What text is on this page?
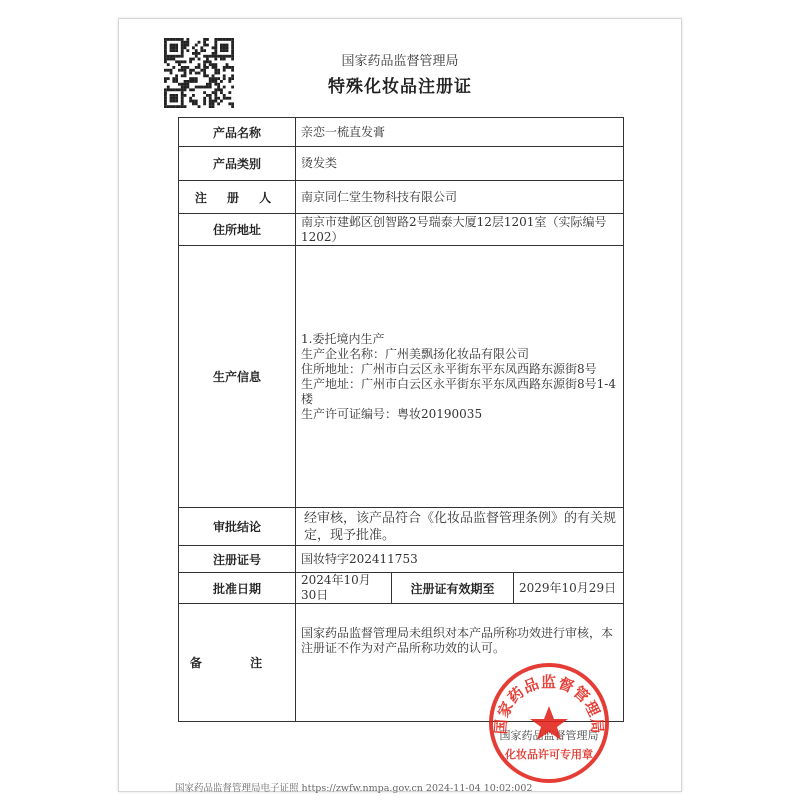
国家药品监督管理局
特殊化妆品注册证
产品名称	亲恋一梳直发膏		
产品类别	烫发类		
注 册 人	南京同仁堂生物科技有限公司		
住所地址	南京市建邺区创智路2号瑞泰大厦12层1201室（实际编号1202）		
生产信息	1.委托境内生产
生产企业名称：广州美飘扬化妆品有限公司
住所地址：广州市白云区永平街东平东凤西路东源街8号
生产地址：广州市白云区永平街东平东凤西路东源街8号1-4楼
生产许可证编号：粤妆20190035		

审批结论	经审核，该产品符合《化妆品监督管理条例》的有关规定，现予批准。		
注册证号	国妆特字202411753		
批准日期	2024年10月30日	注册证有效期至	2029年10月29日
备 注	国家药品监督管理局未组织对本产品所称功效进行审核，本注册证不作为对产品所称功效的认可。		
国家药品监督管理局
国家药品监督管理局
化妆品许可专用章
国家药品监督管理局电子证照 https://zwfw.nmpa.gov.cn 2024-11-04 10:02:002
